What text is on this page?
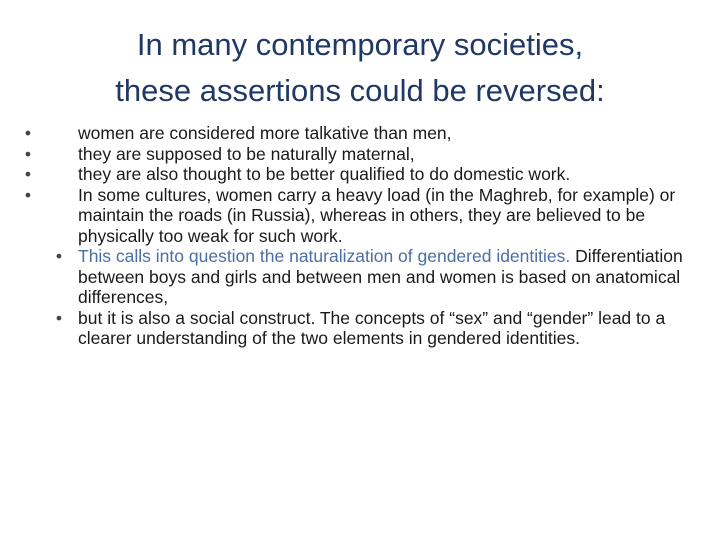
In many contemporary societies,
these assertions could be reversed:
•	women are considered more talkative than men,
•	they are supposed to be naturally maternal,
•	they are also thought to be better qualified to do domestic work.
•	In some cultures, women carry a heavy load (in the Maghreb, for example) or maintain the roads (in Russia), whereas in others, they are believed to be physically too weak for such work.
• This calls into question the naturalization of gendered identities. Differentiation between boys and girls and between men and women is based on anatomical differences,
• but it is also a social construct. The concepts of “sex” and “gender” lead to a clearer understanding of the two elements in gendered identities.
